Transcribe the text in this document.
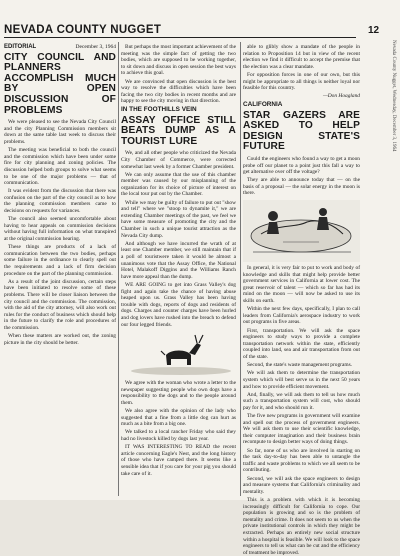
NEVADA COUNTY NUGGET	12
Nevada County Nugget, Wednesday, December 3, 1964
EDITORIAL	December 3, 1964
CITY COUNCIL AND PLANNERS ACCOMPLISH MUCH BY OPEN DISCUSSION OF PROBLEMS

We were pleased to see the Nevada City Council and the city Planning Commission members sit down at the same table last week to discuss their problems.

The meeting was beneficial to both the council and the commission which have been under some fire for city planning and zoning policies. The discussion helped both groups to solve what seems to be one of the major problems — that of communication.

It was evident from the discussion that there was confusion on the part of the city council as to how the planning commission members came to decisions on requests for variances.

The council also seemed uncomfortable about having to hear appeals on commission decisions without having full information on what transpired at the original commission hearing.

These things are products of a lack of communication between the two bodies, perhaps some failure in the ordinance to clearly spell out the requirements and a lack of firm decision procedure on the part of the planning commission.

As a result of the joint discussion, certain steps have been initiated to resolve some of these problems. There will be closer liaison between the city council and the commission. The commission, with the aid of the city attorney, will also work out rules for the conduct of business which should help in the future to clarify the role and procedures of the commission.

When these matters are worked out, the zoning picture in the city should be better.

But perhaps the most important achievement of the meeting was the simple fact of getting the two bodies, which are supposed to be working together, to sit down and discuss in open session the best ways to achieve this goal.

We are convinced that open discussion is the best way to resolve the difficulties which have been facing the two city bodies in recent months and are happy to see the city moving in that direction.

IN THE FOOTHILLS VEIN
ASSAY OFFICE STILL BEATS DUMP AS A TOURIST LURE

We, and all other people who criticized the Nevada City Chamber of Commerce, were corrected somewhat last week by a former Chamber president.

We can only assume that the use of this chamber member was caused by our misplanning of the organization for its choice of picture of interest on the local tour put out by the Chamber.

While we may be guilty of failure to put out "show and tell" where we "stoop to dynamite it," we are extending Chamber meetings of the past, we feel we have some measure of promoting the city and the Chamber in such a unique tourist attraction as the Nevada City dump.

And although we have incurred the wrath of at least one Chamber member, we still maintain that if a poll of touristwere taken it would be almost a unanimous vote that the Assay Office, the National Hotel, Malakoff Diggins and the Williams Ranch have more appeal than the dump.

WE ARE GOING to get into Grass Valley's dog fight and again take the chance of having abuse heaped upon us. Grass Valley has been having trouble with dogs, reports of dogs and residents of dogs. Charges and counter charges have been hurled and dog lovers have rushed into the breach to defend our four legged friends.

We agree with the woman who wrote a letter to the newspaper suggesting people who own dogs have a responsibility to the dogs and to the people around them.

We also agree with the opinion of the lady who suggested that a fine from a little dog can hurt as much as a bite from a big one.

We talked to a local rancher Friday who said they had no livestock killed by dogs last year.

IT WAS INTERESTING TO READ the recent article concerning Eagle's Nest, and the long history of those who have camped there. It seems like a sensible idea that if you care for your pig you should take care of it.

able to glibly show a mandate of the people in relation to Proposition 14 but in view of the recent election we find it difficult to accept the premise that the election was a clear mandate.

For opposition forces in one of our own, but this might be appropriate to all things is neither loyal nor feasible for this country.

—Don Hoagland
CALIFORNIA
STAR GAZERS ARE ASKED TO HELP DESIGN STATE'S FUTURE

Could the engineers who found a way to get a moon probe off our planet to a point just this fall a way to get alternative over off the voltage?

They are able to announce today that — on the basis of a proposal — the solar energy in the moon is there.

In general, it is very fair to put to work and body of knowledge and skills that might help provide better government services in California at lower cost. The great reservoir of talent — which so far has had its mind on the moon — will now be asked to use its skills on earth.

Within the next few days, specifically, I plan to call leaders from California's aerospace industry to work out programs in five areas.

First, transportation. We will ask the space engineers to study ways to provide a complete transportation network within the state, efficiently coupled into land, sea and air transportation from out of the state.

Second, the state's waste management programs.

We will ask them to determine the transportation system which will best serve us in the next 50 years and how to provide efficient movement.

And, finally, we will ask them to tell us how much such a transportation system will cost, who should pay for it, and who should run it.

The five new programs in government will examine and spell out the process of government engineers. We will ask them to use their scientific knowledge, their computer imagination and their business brain recompute to design better ways of doing things.

So far, none of us who are involved in starting on the task day-to-day has been able to untangle the traffic and waste problems to which we all seem to be contributing.

Second, we will ask the space engineers to design and measure systems that California's criminality and mentality.

This is a problem with which it is becoming increasingly difficult for California to cope. Our population is growing and so is the problem of mentality and crime. It does not seem to us when the private institutional controls in which they might be extracted. Perhaps an entirely new social structure within a hospital is feasible. We will look to the space engineers to tell us what can be cut and the efficiency of treatment be improved.
